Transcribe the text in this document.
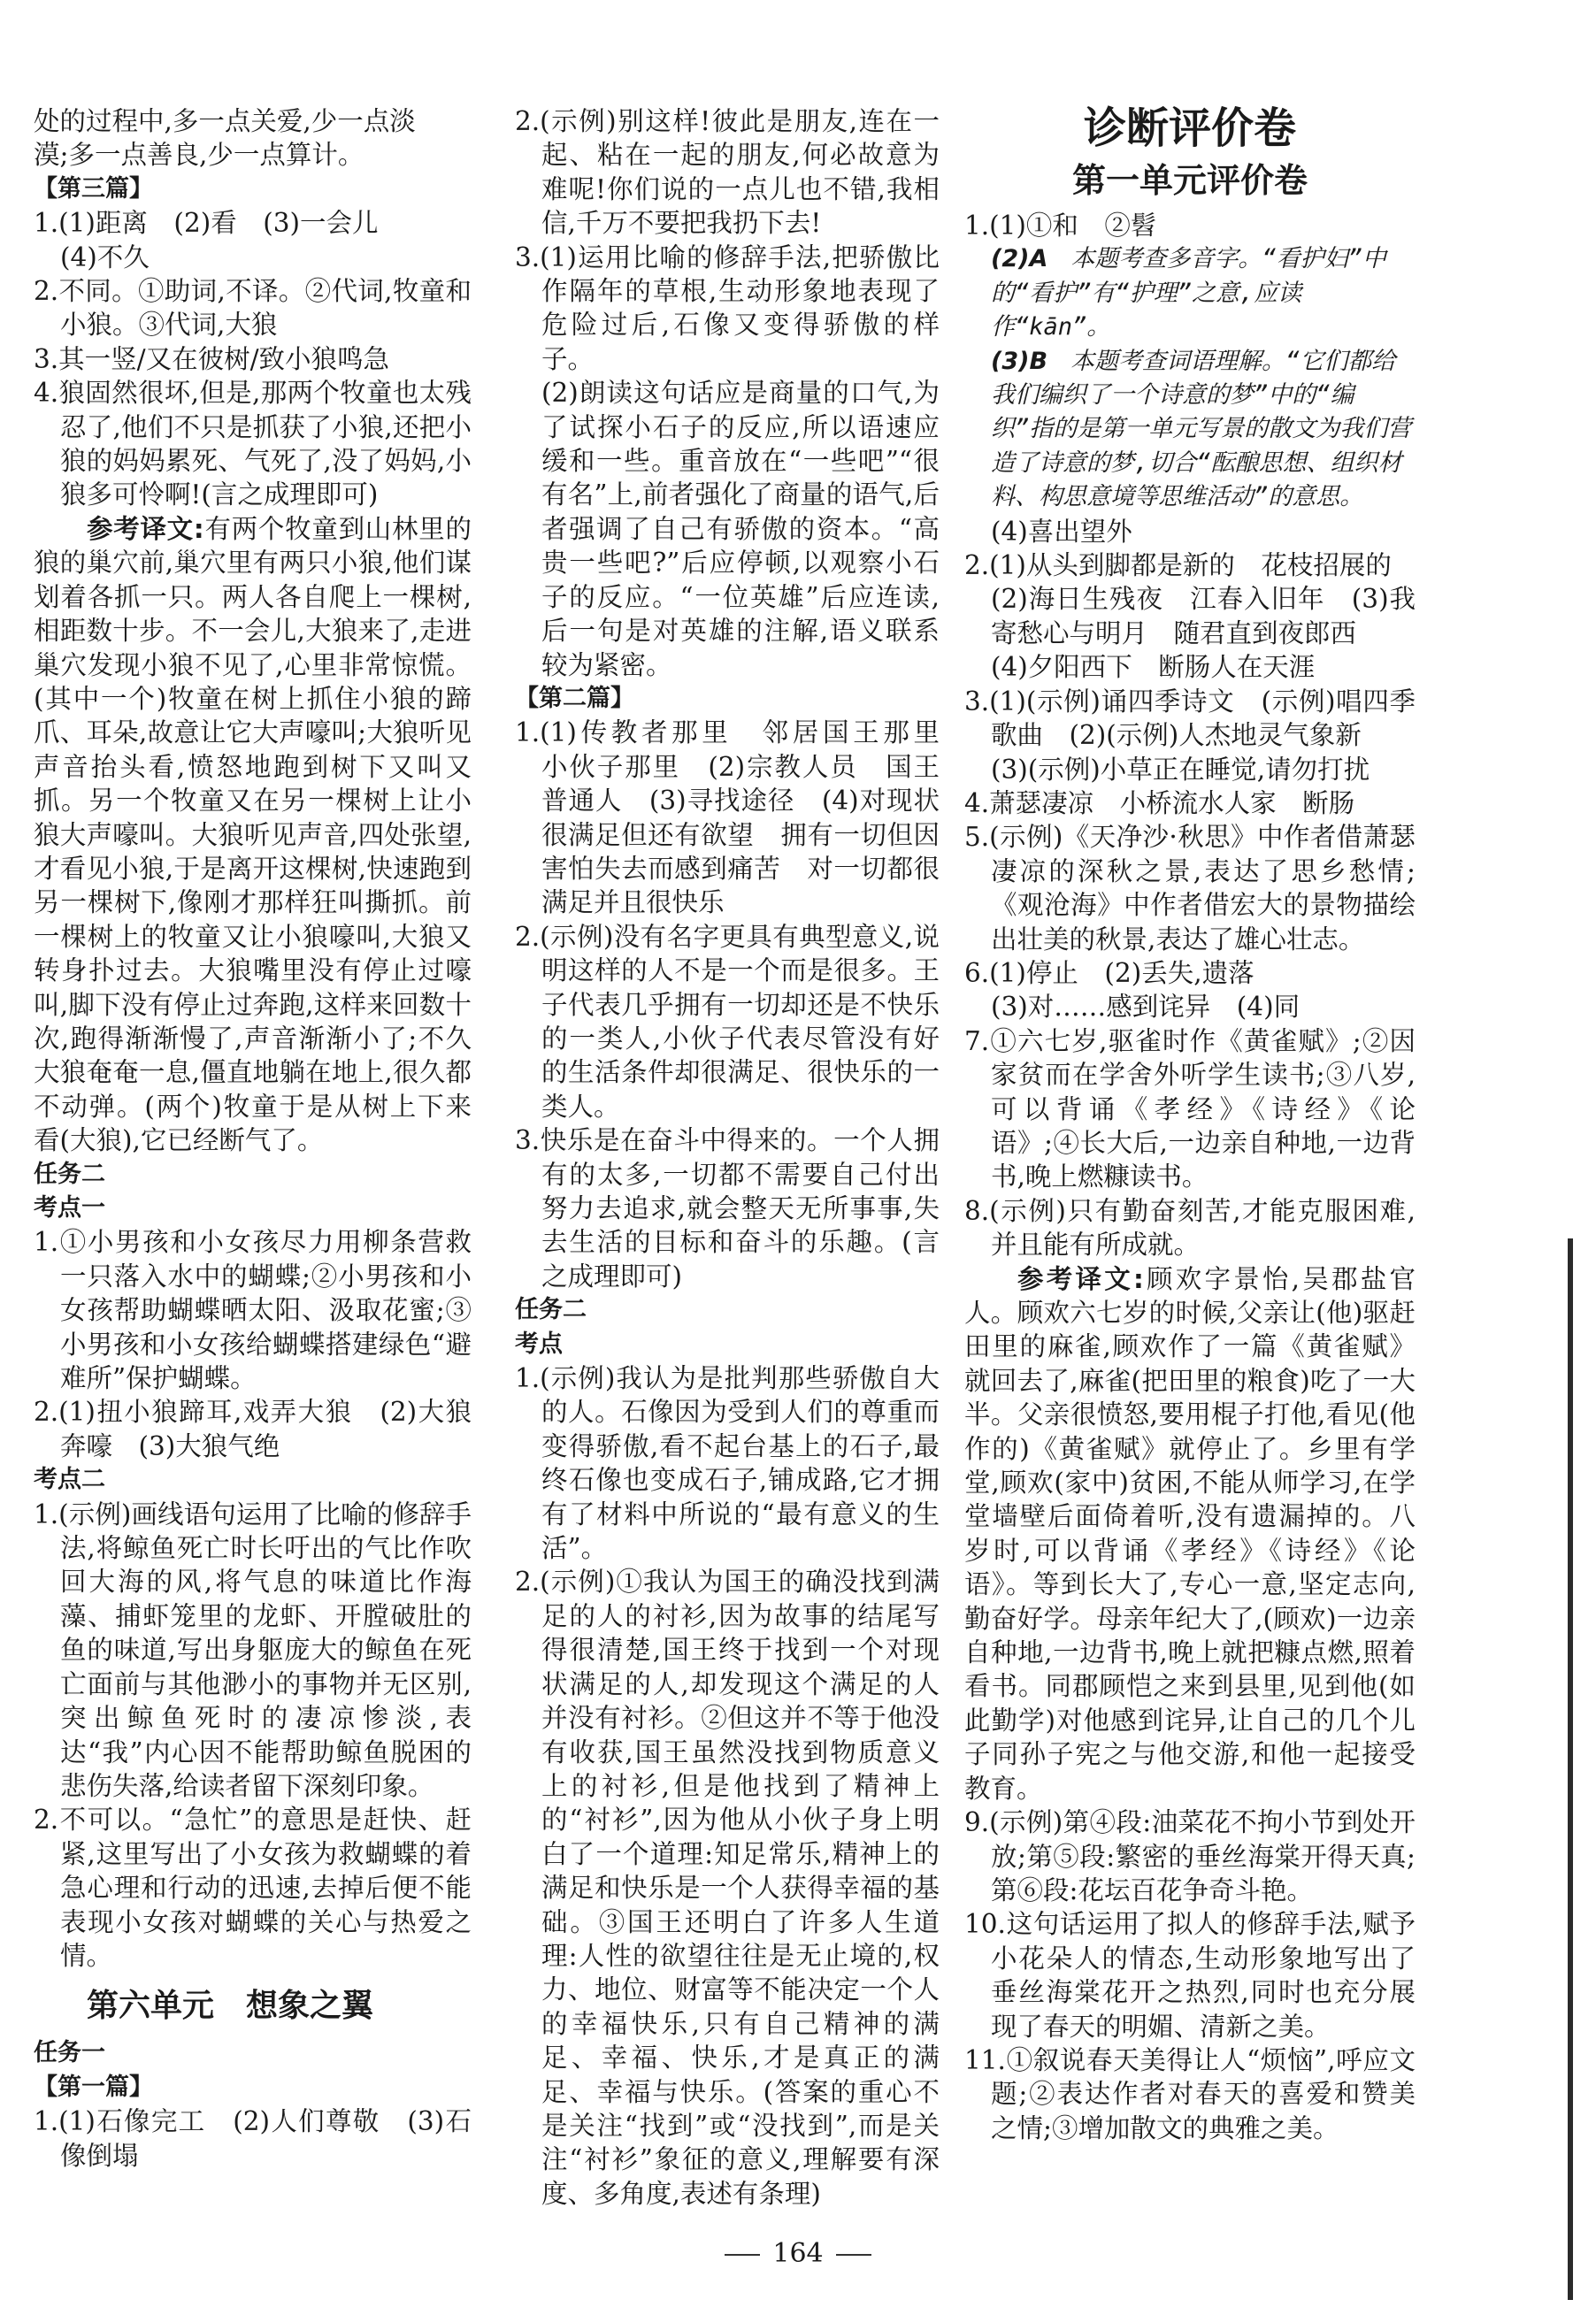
处的过程中,多一点关爱,少一点淡
漠;多一点善良,少一点算计。
【第三篇】
1.(1)距离　(2)看　(3)一会儿
(4)不久
2.不同。①助词,不译。②代词,牧童和小狼。③代词,大狼
3.其一竖/又在彼树/致小狼鸣急
4.狼固然很坏,但是,那两个牧童也太残忍了,他们不只是抓获了小狼,还把小狼的妈妈累死、气死了,没了妈妈,小狼多可怜啊!(言之成理即可)
参考译文:有两个牧童到山林里的狼的巢穴前,巢穴里有两只小狼,他们谋划着各抓一只。两人各自爬上一棵树,相距数十步。不一会儿,大狼来了,走进巢穴发现小狼不见了,心里非常惊慌。(其中一个)牧童在树上抓住小狼的蹄爪、耳朵,故意让它大声嚎叫;大狼听见声音抬头看,愤怒地跑到树下又叫又抓。另一个牧童又在另一棵树上让小狼大声嚎叫。大狼听见声音,四处张望,才看见小狼,于是离开这棵树,快速跑到另一棵树下,像刚才那样狂叫撕抓。前一棵树上的牧童又让小狼嚎叫,大狼又转身扑过去。大狼嘴里没有停止过嚎叫,脚下没有停止过奔跑,这样来回数十次,跑得渐渐慢了,声音渐渐小了;不久大狼奄奄一息,僵直地躺在地上,很久都不动弹。(两个)牧童于是从树上下来看(大狼),它已经断气了。
任务二
考点一
1.①小男孩和小女孩尽力用柳条营救一只落入水中的蝴蝶;②小男孩和小女孩帮助蝴蝶晒太阳、汲取花蜜;③小男孩和小女孩给蝴蝶搭建绿色“避难所”保护蝴蝶。
2.(1)扭小狼蹄耳,戏弄大狼　(2)大狼奔嚎　(3)大狼气绝
考点二
1.(示例)画线语句运用了比喻的修辞手法,将鲸鱼死亡时长吁出的气比作吹回大海的风,将气息的味道比作海藻、捕虾笼里的龙虾、开膛破肚的鱼的味道,写出身躯庞大的鲸鱼在死亡面前与其他渺小的事物并无区别,突出鲸鱼死时的凄凉惨淡,表达“我”内心因不能帮助鲸鱼脱困的悲伤失落,给读者留下深刻印象。
2.不可以。“急忙”的意思是赶快、赶紧,这里写出了小女孩为救蝴蝶的着急心理和行动的迅速,去掉后便不能表现小女孩对蝴蝶的关心与热爱之情。
第六单元 想象之翼
任务一
【第一篇】
1.(1)石像完工　(2)人们尊敬　(3)石像倒塌
2.(示例)别这样!彼此是朋友,连在一起、粘在一起的朋友,何必故意为难呢!你们说的一点儿也不错,我相信,千万不要把我扔下去!
3.(1)运用比喻的修辞手法,把骄傲比作隔年的草根,生动形象地表现了危险过后,石像又变得骄傲的样子。
(2)朗读这句话应是商量的口气,为了试探小石子的反应,所以语速应缓和一些。重音放在“一些吧”“很有名”上,前者强化了商量的语气,后者强调了自己有骄傲的资本。“高贵一些吧?”后应停顿,以观察小石子的反应。“一位英雄”后应连读,后一句是对英雄的注解,语义联系较为紧密。
【第二篇】
1.(1)传教者那里　邻居国王那里　小伙子那里　(2)宗教人员　国王　普通人　(3)寻找途径　(4)对现状很满足但还有欲望　拥有一切但因害怕失去而感到痛苦　对一切都很满足并且很快乐
2.(示例)没有名字更具有典型意义,说明这样的人不是一个而是很多。王子代表几乎拥有一切却还是不快乐的一类人,小伙子代表尽管没有好的生活条件却很满足、很快乐的一类人。
3.快乐是在奋斗中得来的。一个人拥有的太多,一切都不需要自己付出努力去追求,就会整天无所事事,失去生活的目标和奋斗的乐趣。(言之成理即可)
任务二
考点
1.(示例)我认为是批判那些骄傲自大的人。石像因为受到人们的尊重而变得骄傲,看不起台基上的石子,最终石像也变成石子,铺成路,它才拥有了材料中所说的“最有意义的生活”。
2.(示例)①我认为国王的确没找到满足的人的衬衫,因为故事的结尾写得很清楚,国王终于找到一个对现状满足的人,却发现这个满足的人并没有衬衫。②但这并不等于他没有收获,国王虽然没找到物质意义上的衬衫,但是他找到了精神上的“衬衫”,因为他从小伙子身上明白了一个道理:知足常乐,精神上的满足和快乐是一个人获得幸福的基础。③国王还明白了许多人生道理:人性的欲望往往是无止境的,权力、地位、财富等不能决定一个人的幸福快乐,只有自己精神的满足、幸福、快乐,才是真正的满足、幸福与快乐。(答案的重心不是关注“找到”或“没找到”,而是关注“衬衫”象征的意义,理解要有深度、多角度,表述有条理)
诊断评价卷
第一单元评价卷
1.(1)①和　②髫
(2)A 本题考查多音字。“看护妇”中的“看护”有“护理”之意,应读作“kān”。
(3)B 本题考查词语理解。“它们都给我们编织了一个诗意的梦”中的“编织”指的是第一单元写景的散文为我们营造了诗意的梦,切合“酝酿思想、组织材料、构思意境等思维活动”的意思。
(4)喜出望外
2.(1)从头到脚都是新的　花枝招展的
(2)海日生残夜　江春入旧年　(3)我寄愁心与明月　随君直到夜郎西
(4)夕阳西下　断肠人在天涯
3.(1)(示例)诵四季诗文　(示例)唱四季歌曲　(2)(示例)人杰地灵气象新
(3)(示例)小草正在睡觉,请勿打扰
4.萧瑟凄凉　小桥流水人家　断肠
5.(示例)《天净沙·秋思》中作者借萧瑟凄凉的深秋之景,表达了思乡愁情;《观沧海》中作者借宏大的景物描绘出壮美的秋景,表达了雄心壮志。
6.(1)停止　(2)丢失,遗落
(3)对……感到诧异　(4)同
7.①六七岁,驱雀时作《黄雀赋》;②因家贫而在学舍外听学生读书;③八岁,可以背诵《孝经》《诗经》《论语》;④长大后,一边亲自种地,一边背书,晚上燃糠读书。
8.(示例)只有勤奋刻苦,才能克服困难,并且能有所成就。
参考译文:顾欢字景怡,吴郡盐官人。顾欢六七岁的时候,父亲让(他)驱赶田里的麻雀,顾欢作了一篇《黄雀赋》就回去了,麻雀(把田里的粮食)吃了一大半。父亲很愤怒,要用棍子打他,看见(他作的)《黄雀赋》就停止了。乡里有学堂,顾欢(家中)贫困,不能从师学习,在学堂墙壁后面倚着听,没有遗漏掉的。八岁时,可以背诵《孝经》《诗经》《论语》。等到长大了,专心一意,坚定志向,勤奋好学。母亲年纪大了,(顾欢)一边亲自种地,一边背书,晚上就把糠点燃,照着看书。同郡顾恺之来到县里,见到他(如此勤学)对他感到诧异,让自己的几个儿子同孙子宪之与他交游,和他一起接受教育。
9.(示例)第④段:油菜花不拘小节到处开放;第⑤段:繁密的垂丝海棠开得天真;第⑥段:花坛百花争奇斗艳。
10.这句话运用了拟人的修辞手法,赋予小花朵人的情态,生动形象地写出了垂丝海棠花开之热烈,同时也充分展现了春天的明媚、清新之美。
11.①叙说春天美得让人“烦恼”,呼应文题;②表达作者对春天的喜爱和赞美之情;③增加散文的典雅之美。
164
